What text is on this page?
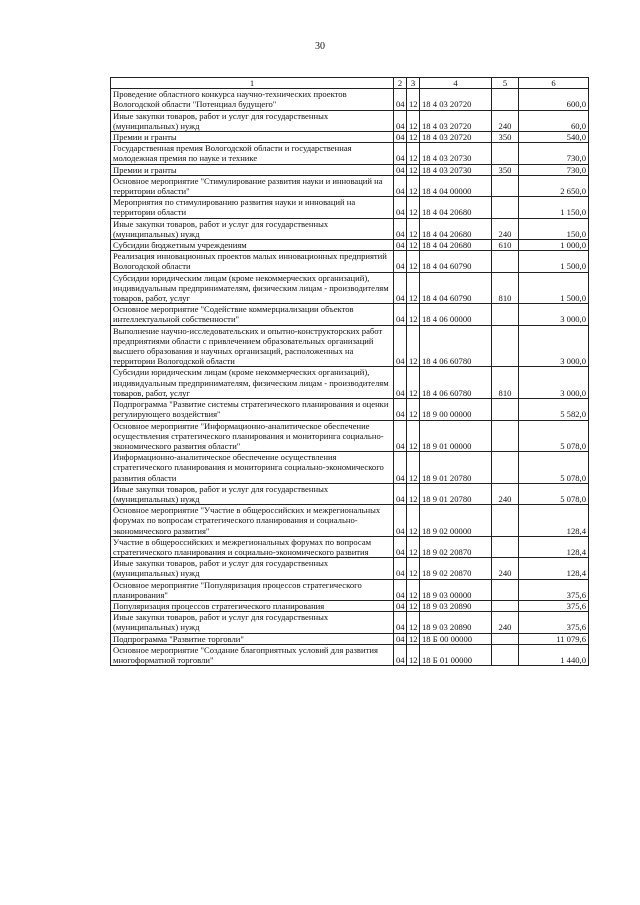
30
1	2	3	4	5	6
Проведение областного конкурса научно-технических проектов Вологодской области "Потенциал будущего"	04	12	18 4 03 20720		600,0
Иные закупки товаров, работ и услуг для государственных (муниципальных) нужд	04	12	18 4 03 20720	240	60,0
Премии и гранты	04	12	18 4 03 20720	350	540,0
Государственная премия Вологодской области и государственная молодежная премия по науке и технике	04	12	18 4 03 20730		730,0
Премии и гранты	04	12	18 4 03 20730	350	730,0
Основное мероприятие "Стимулирование развития науки и инноваций на территории области"	04	12	18 4 04 00000		2 650,0
Мероприятия по стимулированию развития науки и инноваций на территории области	04	12	18 4 04 20680		1 150,0
Иные закупки товаров, работ и услуг для государственных (муниципальных) нужд	04	12	18 4 04 20680	240	150,0
Субсидии бюджетным учреждениям	04	12	18 4 04 20680	610	1 000,0
Реализация инновационных проектов малых инновационных предприятий Вологодской области	04	12	18 4 04 60790		1 500,0
Субсидии юридическим лицам (кроме некоммерческих организаций), индивидуальным предпринимателям, физическим лицам - производителям товаров, работ, услуг	04	12	18 4 04 60790	810	1 500,0
Основное мероприятие "Содействие коммерциализации объектов интеллектуальной собственности"	04	12	18 4 06 00000		3 000,0
Выполнение научно-исследовательских и опытно-конструкторских работ предприятиями области с привлечением образовательных организаций высшего образования и научных организаций, расположенных на территории Вологодской области	04	12	18 4 06 60780		3 000,0
Субсидии юридическим лицам (кроме некоммерческих организаций), индивидуальным предпринимателям, физическим лицам - производителям товаров, работ, услуг	04	12	18 4 06 60780	810	3 000,0
Подпрограмма "Развитие системы стратегического планирования и оценки регулирующего воздействия"	04	12	18 9 00 00000		5 582,0
Основное мероприятие "Информационно-аналитическое обеспечение осуществления стратегического планирования и мониторинга социально-экономического развития области"	04	12	18 9 01 00000		5 078,0
Информационно-аналитическое обеспечение осуществления стратегического планирования и мониторинга социально-экономического развития области	04	12	18 9 01 20780		5 078,0
Иные закупки товаров, работ и услуг для государственных (муниципальных) нужд	04	12	18 9 01 20780	240	5 078,0
Основное мероприятие "Участие в общероссийских и межрегиональных форумах по вопросам стратегического планирования и социально-экономического развития"	04	12	18 9 02 00000		128,4
Участие в общероссийских и межрегиональных форумах по вопросам стратегического планирования и социально-экономического развития	04	12	18 9 02 20870		128,4
Иные закупки товаров, работ и услуг для государственных (муниципальных) нужд	04	12	18 9 02 20870	240	128,4
Основное мероприятие "Популяризация процессов стратегического планирования"	04	12	18 9 03 00000		375,6
Популяризация процессов стратегического планирования	04	12	18 9 03 20890		375,6
Иные закупки товаров, работ и услуг для государственных (муниципальных) нужд	04	12	18 9 03 20890	240	375,6
Подпрограмма "Развитие торговли"	04	12	18 Б 00 00000		11 079,6
Основное мероприятие "Создание благоприятных условий для развития многоформатной торговли"	04	12	18 Б 01 00000		1 440,0
